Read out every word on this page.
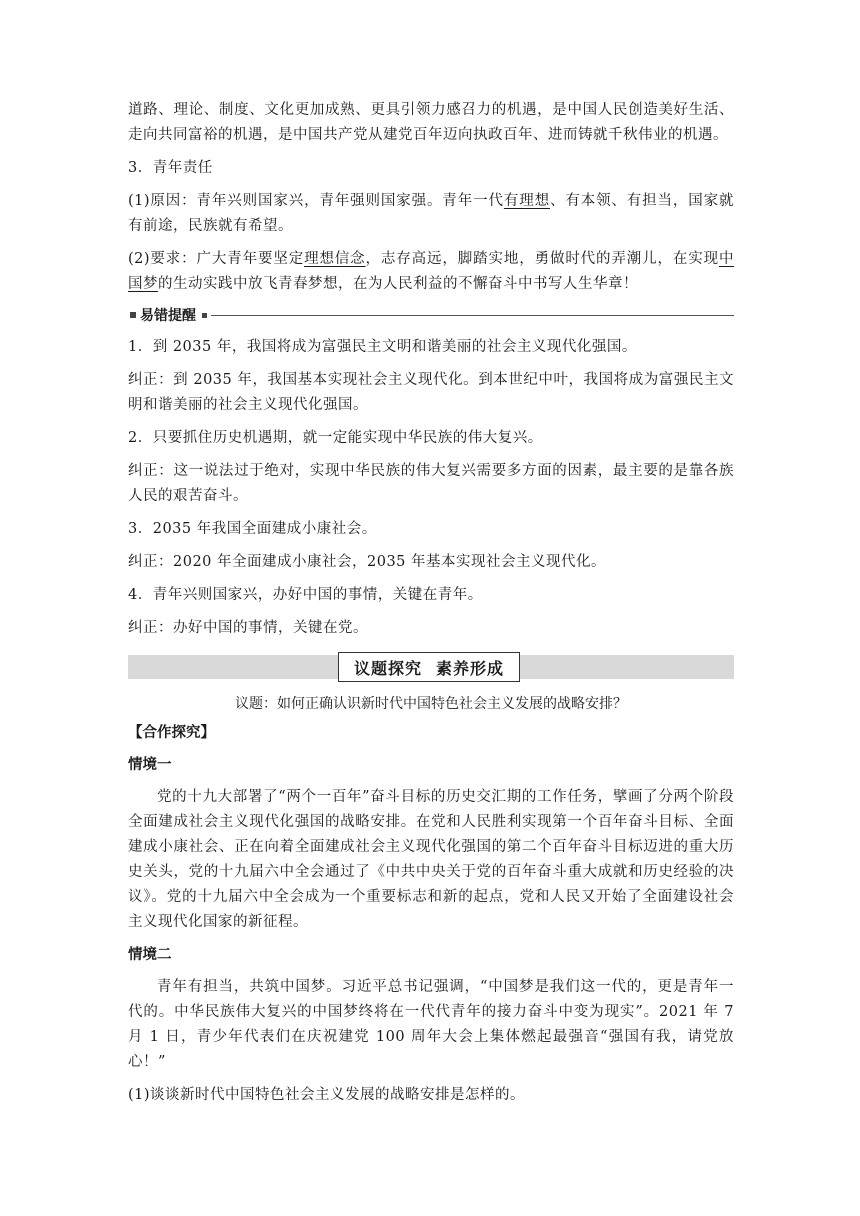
道路、理论、制度、文化更加成熟、更具引领力感召力的机遇，是中国人民创造美好生活、走向共同富裕的机遇，是中国共产党从建党百年迈向执政百年、进而铸就千秋伟业的机遇。

3．青年责任

(1)原因：青年兴则国家兴，青年强则国家强。青年一代有理想、有本领、有担当，国家就有前途，民族就有希望。

(2)要求：广大青年要坚定理想信念，志存高远，脚踏实地，勇做时代的弄潮儿，在实现中国梦的生动实践中放飞青春梦想，在为人民利益的不懈奋斗中书写人生华章！

易错提醒

1．到 2035 年，我国将成为富强民主文明和谐美丽的社会主义现代化强国。

纠正：到 2035 年，我国基本实现社会主义现代化。到本世纪中叶，我国将成为富强民主文明和谐美丽的社会主义现代化强国。

2．只要抓住历史机遇期，就一定能实现中华民族的伟大复兴。

纠正：这一说法过于绝对，实现中华民族的伟大复兴需要多方面的因素，最主要的是靠各族人民的艰苦奋斗。

3．2035 年我国全面建成小康社会。

纠正：2020 年全面建成小康社会，2035 年基本实现社会主义现代化。

4．青年兴则国家兴，办好中国的事情，关键在青年。

纠正：办好中国的事情，关键在党。

议题探究 素养形成
议题：如何正确认识新时代中国特色社会主义发展的战略安排？
【合作探究】
情境一

党的十九大部署了“两个一百年”奋斗目标的历史交汇期的工作任务，擘画了分两个阶段全面建成社会主义现代化强国的战略安排。在党和人民胜利实现第一个百年奋斗目标、全面建成小康社会、正在向着全面建成社会主义现代化强国的第二个百年奋斗目标迈进的重大历史关头，党的十九届六中全会通过了《中共中央关于党的百年奋斗重大成就和历史经验的决议》。党的十九届六中全会成为一个重要标志和新的起点，党和人民又开始了全面建设社会主义现代化国家的新征程。

情境二

青年有担当，共筑中国梦。习近平总书记强调，“中国梦是我们这一代的，更是青年一代的。中华民族伟大复兴的中国梦终将在一代代青年的接力奋斗中变为现实”。2021 年 7 月 1 日，青少年代表们在庆祝建党 100 周年大会上集体燃起最强音“强国有我，请党放心！”

(1)谈谈新时代中国特色社会主义发展的战略安排是怎样的。
